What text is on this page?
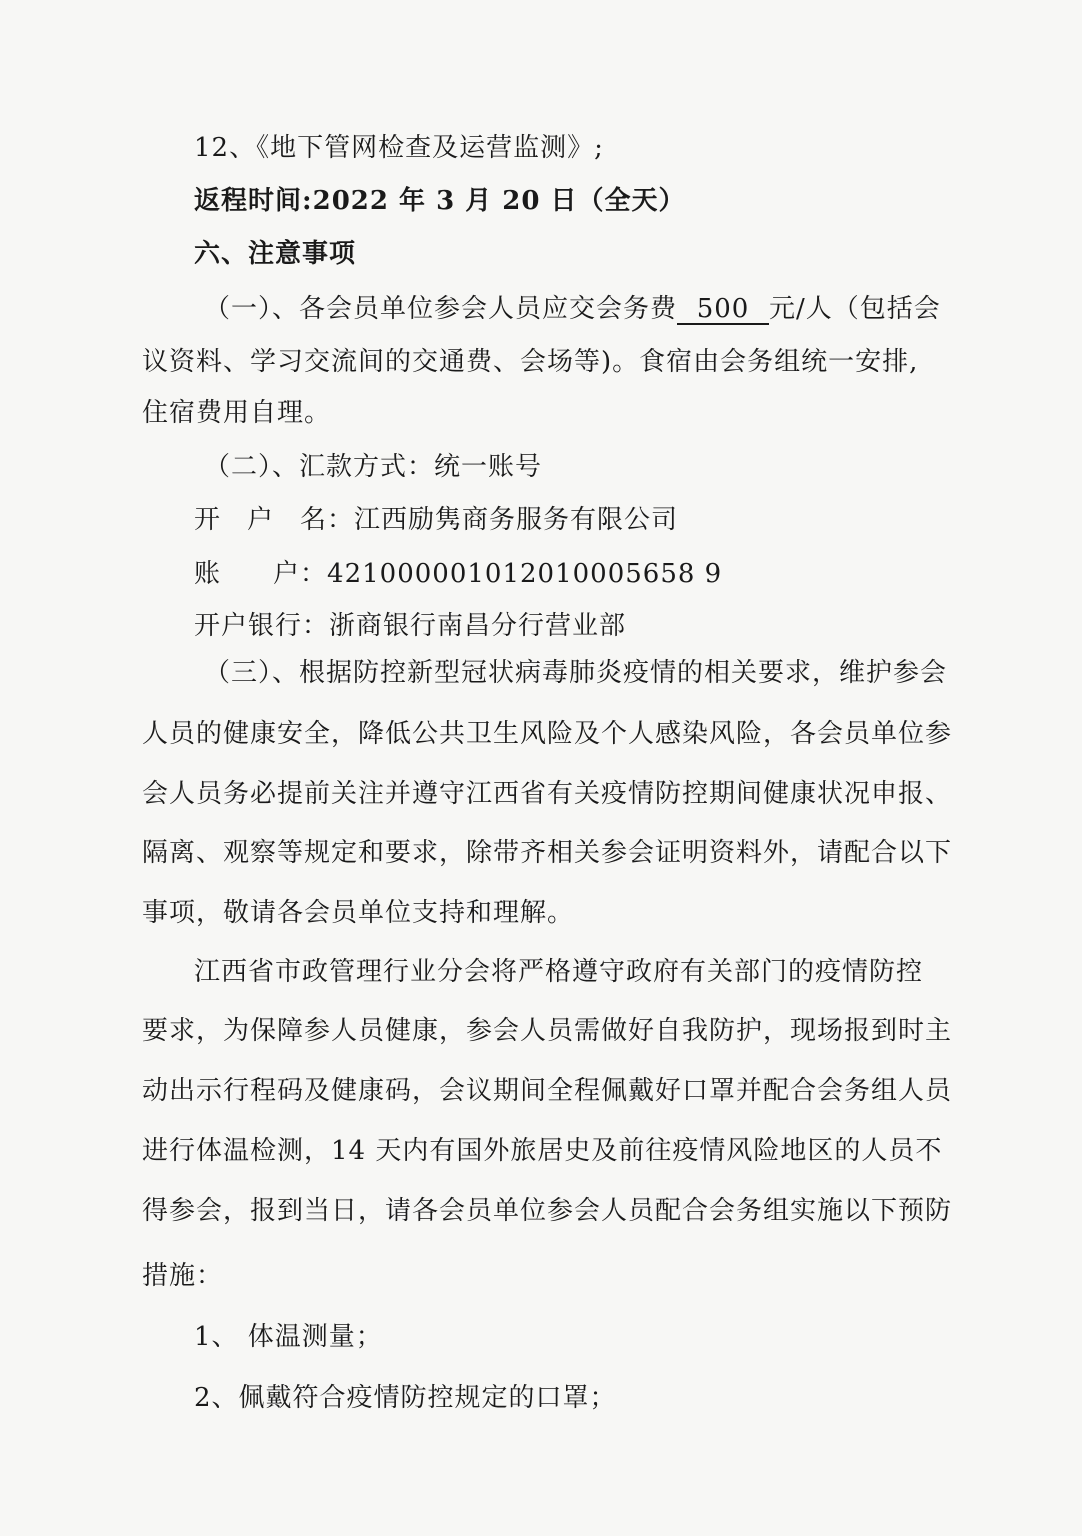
12、《地下管网检查及运营监测》;
返程时间:2022 年 3 月 20 日（全天）
六、注意事项
（一）、各会员单位参会人员应交会务费 500 元/人（包括会
议资料、学习交流间的交通费、会场等)。食宿由会务组统一安排,
住宿费用自理。
（二）、汇款方式：统一账号
开 户 名：江西励隽商务服务有限公司
账 户：421000001012010005658 9
开户银行：浙商银行南昌分行营业部
（三）、根据防控新型冠状病毒肺炎疫情的相关要求，维护参会
人员的健康安全，降低公共卫生风险及个人感染风险，各会员单位参
会人员务必提前关注并遵守江西省有关疫情防控期间健康状况申报、
隔离、观察等规定和要求，除带齐相关参会证明资料外，请配合以下
事项，敬请各会员单位支持和理解。
江西省市政管理行业分会将严格遵守政府有关部门的疫情防控
要求，为保障参人员健康，参会人员需做好自我防护，现场报到时主
动出示行程码及健康码，会议期间全程佩戴好口罩并配合会务组人员
进行体温检测，14 天内有国外旅居史及前往疫情风险地区的人员不
得参会，报到当日，请各会员单位参会人员配合会务组实施以下预防
措施：
1、 体温测量；
2、佩戴符合疫情防控规定的口罩；
